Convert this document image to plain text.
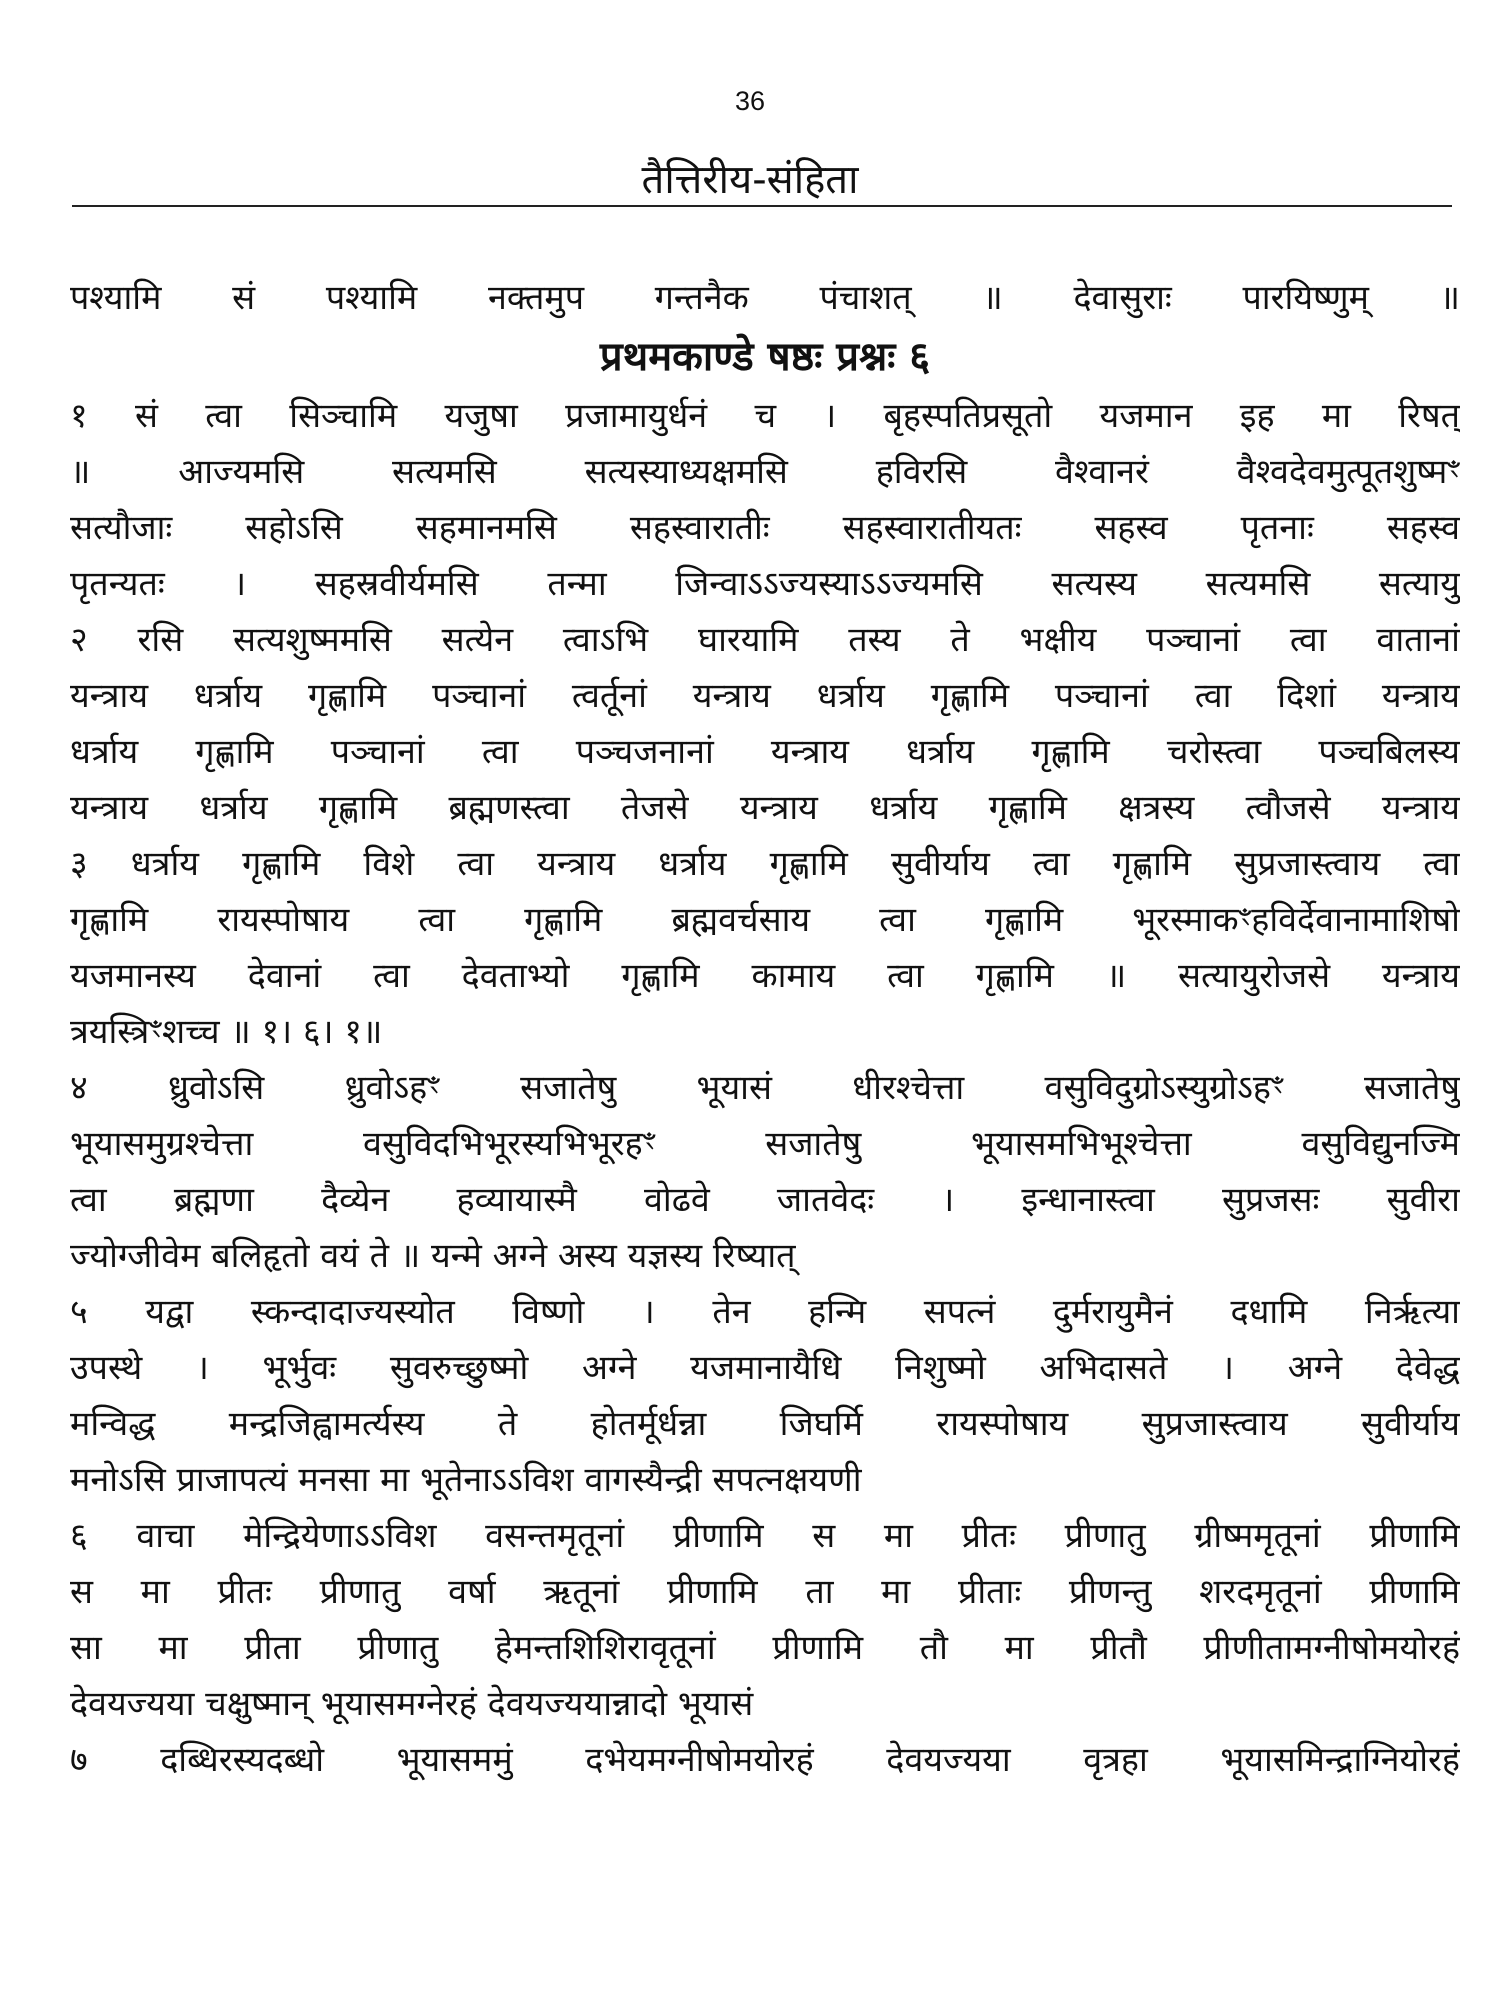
36
तैत्तिरीय-संहिता
पश्यामि सं पश्यामि नक्तमुप गन्तनैक पंचाशत् ॥ देवासुराः पारयिष्णुम् ॥
प्रथमकाण्डे षष्ठः प्रश्नः ६
१ सं त्वा सिञ्चामि यजुषा प्रजामायुर्धनं च । बृहस्पतिप्रसूतो यजमान इह मा रिषत्
॥ आज्यमसि सत्यमसि सत्यस्याध्यक्षमसि हविरसि वैश्वानरं वैश्वदेवमुत्पूतशुष्मꣳ
सत्यौजाः सहोऽसि सहमानमसि सहस्वारातीः सहस्वारातीयतः सहस्व पृतनाः सहस्व
पृतन्यतः । सहस्रवीर्यमसि तन्मा जिन्वाऽऽज्यस्याऽऽज्यमसि सत्यस्य सत्यमसि सत्यायु
२ रसि सत्यशुष्ममसि सत्येन त्वाऽभि घारयामि तस्य ते भक्षीय पञ्चानां त्वा वातानां
यन्त्राय धर्त्राय गृह्णामि पञ्चानां त्वर्तूनां यन्त्राय धर्त्राय गृह्णामि पञ्चानां त्वा दिशां यन्त्राय
धर्त्राय गृह्णामि पञ्चानां त्वा पञ्चजनानां यन्त्राय धर्त्राय गृह्णामि चरोस्त्वा पञ्चबिलस्य
यन्त्राय धर्त्राय गृह्णामि ब्रह्मणस्त्वा तेजसे यन्त्राय धर्त्राय गृह्णामि क्षत्रस्य त्वौजसे यन्त्राय
३ धर्त्राय गृह्णामि विशे त्वा यन्त्राय धर्त्राय गृह्णामि सुवीर्याय त्वा गृह्णामि सुप्रजास्त्वाय त्वा
गृह्णामि रायस्पोषाय त्वा गृह्णामि ब्रह्मवर्चसाय त्वा गृह्णामि भूरस्माकꣳहविर्देवानामाशिषो
यजमानस्य देवानां त्वा देवताभ्यो गृह्णामि कामाय त्वा गृह्णामि ॥ सत्यायुरोजसे यन्त्राय
त्रयस्त्रिꣳशच्च ॥ १। ६। १॥
४ ध्रुवोऽसि ध्रुवोऽहꣳ सजातेषु भूयासं धीरश्चेत्ता वसुविदुग्रोऽस्युग्रोऽहꣳ सजातेषु
भूयासमुग्रश्चेत्ता वसुविदभिभूरस्यभिभूरहꣳ सजातेषु भूयासमभिभूश्चेत्ता वसुविद्युनज्मि
त्वा ब्रह्मणा दैव्येन हव्यायास्मै वोढवे जातवेदः । इन्धानास्त्वा सुप्रजसः सुवीरा
ज्योग्जीवेम बलिहृतो वयं ते ॥ यन्मे अग्ने अस्य यज्ञस्य रिष्यात्
५ यद्वा स्कन्दादाज्यस्योत विष्णो । तेन हन्मि सपत्नं दुर्मरायुमैनं दधामि निर्ऋत्या
उपस्थे । भूर्भुवः सुवरुच्छुष्मो अग्ने यजमानायैधि निशुष्मो अभिदासते । अग्ने देवेद्ध
मन्विद्ध मन्द्रजिह्वामर्त्यस्य ते होतर्मूर्धन्ना जिघर्मि रायस्पोषाय सुप्रजास्त्वाय सुवीर्याय
मनोऽसि प्राजापत्यं मनसा मा भूतेनाऽऽविश वागस्यैन्द्री सपत्नक्षयणी
६ वाचा मेन्द्रियेणाऽऽविश वसन्तमृतूनां प्रीणामि स मा प्रीतः प्रीणातु ग्रीष्ममृतूनां प्रीणामि
स मा प्रीतः प्रीणातु वर्षा ऋतूनां प्रीणामि ता मा प्रीताः प्रीणन्तु शरदमृतूनां प्रीणामि
सा मा प्रीता प्रीणातु हेमन्तशिशिरावृतूनां प्रीणामि तौ मा प्रीतौ प्रीणीतामग्नीषोमयोरहं
देवयज्यया चक्षुष्मान् भूयासमग्नेरहं देवयज्ययान्नादो भूयासं
७ दब्धिरस्यदब्धो भूयासममुं दभेयमग्नीषोमयोरहं देवयज्यया वृत्रहा भूयासमिन्द्राग्नियोरहं
